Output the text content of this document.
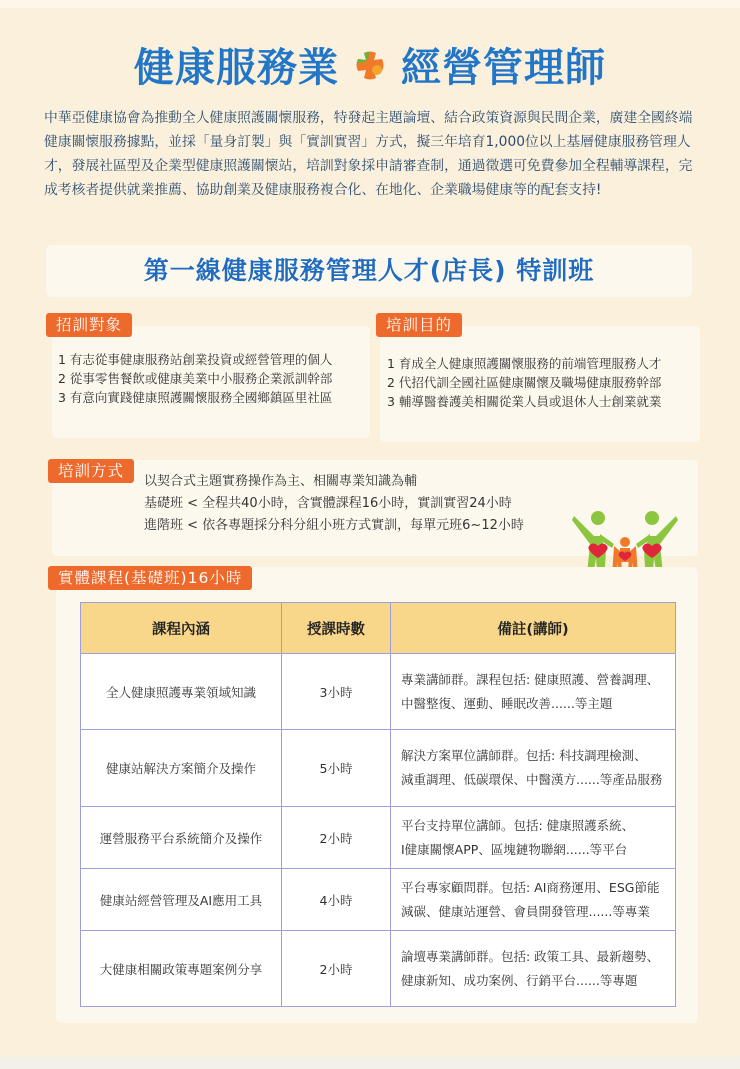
健康服務業 經營管理師
中華亞健康協會為推動全人健康照護關懷服務，特發起主題論壇、結合政策資源與民間企業，廣建全國終端健康關懷服務據點，並採「量身訂製」與「實訓實習」方式，擬三年培育1,000位以上基層健康服務管理人才，發展社區型及企業型健康照護關懷站，培訓對象採申請審查制，通過徵選可免費參加全程輔導課程，完成考核者提供就業推薦、協助創業及健康服務複合化、在地化、企業職場健康等的配套支持!
第一線健康服務管理人才(店長) 特訓班
1 有志從事健康服務站創業投資或經營管理的個人
2 從事零售餐飲或健康美業中小服務企業派訓幹部
3 有意向實踐健康照護關懷服務全國鄉鎮區里社區
招訓對象
1 育成全人健康照護關懷服務的前端管理服務人才
2 代招代訓全國社區健康關懷及職場健康服務幹部
3 輔導醫養護美相關從業人員或退休人士創業就業
培訓目的
培訓方式
以契合式主題實務操作為主、相關專業知識為輔
基礎班 < 全程共40小時，含實體課程16小時，實訓實習24小時
進階班 < 依各專題採分科分組小班方式實訓，每單元班6~12小時
實體課程(基礎班)16小時
課程內涵	授課時數	備註(講師)
全人健康照護專業領域知識	3小時	專業講師群。課程包括: 健康照護、營養調理、
中醫整復、運動、睡眠改善......等主題

健康站解決方案簡介及操作	5小時	解決方案單位講師群。包括: 科技調理檢測、
減重調理、低碳環保、中醫漢方......等產品服務

運營服務平台系統簡介及操作	2小時	平台支持單位講師。包括: 健康照護系統、
I健康關懷APP、區塊鏈物聯網......等平台

健康站經營管理及AI應用工具	4小時	平台專家顧問群。包括: AI商務運用、ESG節能
減碳、健康站運營、會員開發管理......等專業

大健康相關政策專題案例分享	2小時	論壇專業講師群。包括: 政策工具、最新趨勢、
健康新知、成功案例、行銷平台......等專題
